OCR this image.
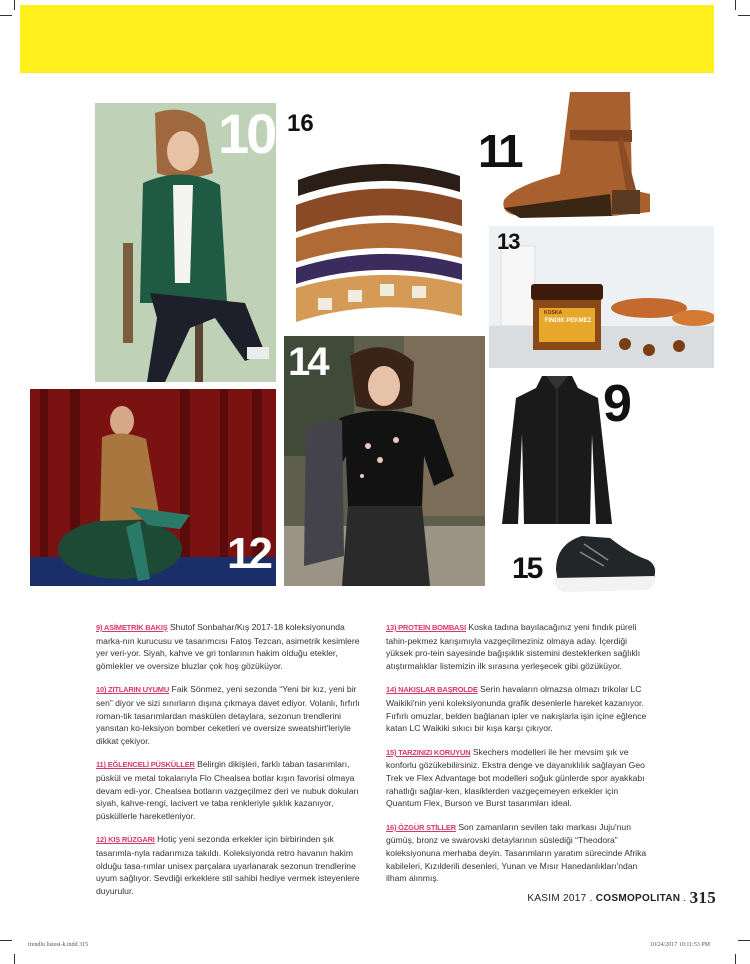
10 16
11
13
KOSKA
FINDIK PEKMEZ
14
12
9
15

9) ASİMETRİK BAKIŞ Shutof Sonbahar/Kış 2017-18 koleksiyonunda marka-nın kurucusu ve tasarımcısı Fatoş Tezcan, asimetrik kesimlere yer veri-yor. Siyah, kahve ve gri tonlarının hakim olduğu etekler, gömlekler ve oversize bluzlar çok hoş gözüküyor.

10) ZITLARIN UYUMU Faik Sönmez, yeni sezonda “Yeni bir kız, yeni bir sen” diyor ve sizi sınırların dışına çıkmaya davet ediyor. Volanlı, fırfırlı roman-tik tasarımlardan maskülen detaylara, sezonun trendlerini yansıtan ko-leksiyon bomber ceketleri ve oversize sweatshirt'leriyle dikkat çekiyor.

11) EĞLENCELİ PÜSKÜLLER Belirgin dikişleri, farklı taban tasarımları, püskül ve metal tokalarıyla Flo Chealsea botlar kışın favorisi olmaya devam edi-yor. Chealsea botların vazgeçilmez deri ve nubuk dokuları siyah, kahve-rengi, lacivert ve taba renkleriyle şıklık kazanıyor, püsküllerle hareketleniyor.

12) KIŞ RÜZGARI Hotiç yeni sezonda erkekler için birbirinden şık tasarımla-nyla radarımıza takıldı. Koleksiyonda retro havanın hakim olduğu tasa-rımlar unisex parçalara uyarlanarak sezonun trendlerine uyum sağlıyor. Sevdiği erkeklere stil sahibi hediye vermek isteyenlere duyurulur.

13) PROTEİN BOMBASI Koska tadına bayılacağınız yeni fındık püreli tahin-pekmez karışımıyla vazgeçilmeziniz olmaya aday. İçerdiği yüksek pro-tein sayesinde bağışıklık sistemini desteklerken sağlıklı atıştırmalıklar listemizin ilk sırasına yerleşecek gibi gözüküyor.

14) NAKIŞLAR BAŞROLDE Serin havaların olmazsa olmazı trikolar LC Waikiki'nin yeni koleksiyonunda grafik desenlerle hareket kazanıyor. Fırfırlı omuzlar, belden bağlanan ipler ve nakışlarla işin içine eğlence katan LC Waikiki sıkıcı bir kışa karşı çıkıyor.

15) TARZINIZI KORUYUN Skechers modelleri ile her mevsim şık ve konforlu gözükebilirsiniz. Ekstra denge ve dayanıklılık sağlayan Geo Trek ve Flex Advantage bot modelleri soğuk günlerde spor ayakkabı rahatlığı sağlar-ken, klasiklerden vazgeçemeyen erkekler için Quantum Flex, Burson ve Burst tasarımları ideal.

16) ÖZGÜR STİLLER Son zamanların sevilen takı markası Juju'nun gümüş, bronz ve swarovski detaylarının süslediği “Theodora” koleksiyonuna merhaba deyin. Tasarımların yaratım sürecinde Afrika kabileleri, Kızılderili desenleri, Yunan ve Mısır Hanedanlıkları'ndan ilham alınmış.

KASIM 2017 . COSMOPOLITAN . 315
trendlu listesi-k.indd 315	10/24/2017 10:11:53 PM
